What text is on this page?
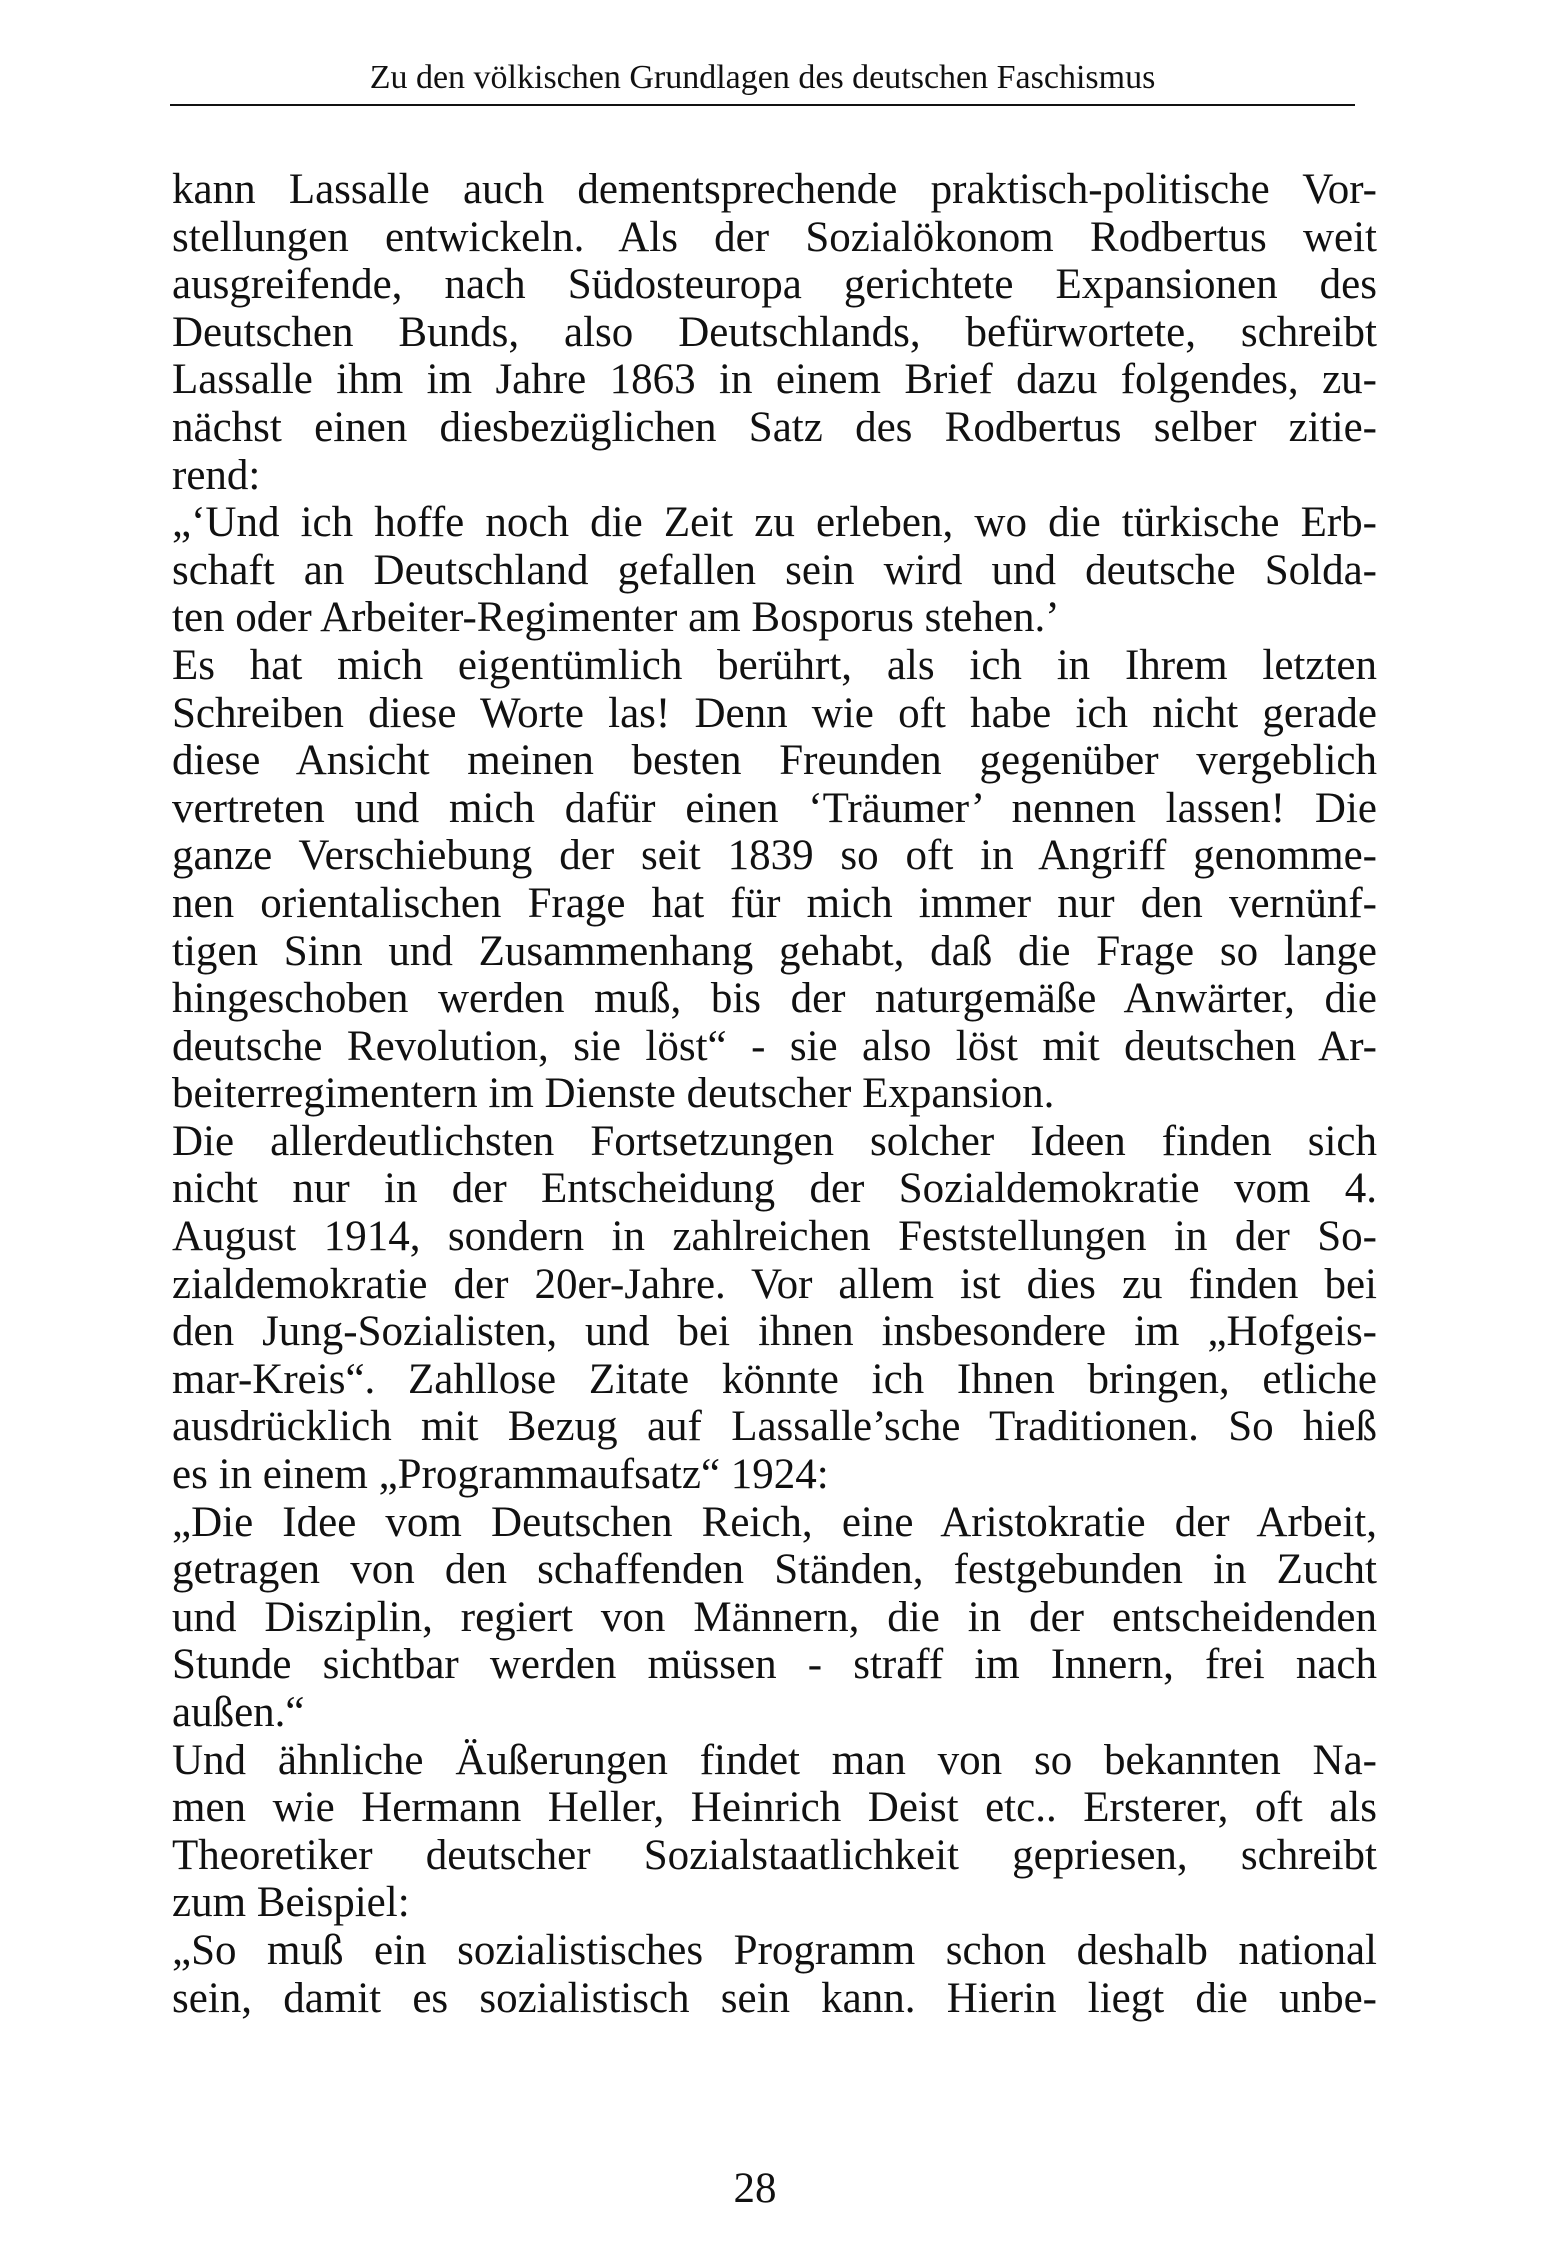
Zu den völkischen Grundlagen des deutschen Faschismus
kann Lassalle auch dementsprechende praktisch-politische Vor-
stellungen entwickeln. Als der Sozialökonom Rodbertus weit
ausgreifende, nach Südosteuropa gerichtete Expansionen des
Deutschen Bunds, also Deutschlands, befürwortete, schreibt
Lassalle ihm im Jahre 1863 in einem Brief dazu folgendes, zu-
nächst einen diesbezüglichen Satz des Rodbertus selber zitie-
rend:
„‘Und ich hoffe noch die Zeit zu erleben, wo die türkische Erb-
schaft an Deutschland gefallen sein wird und deutsche Solda-
ten oder Arbeiter-Regimenter am Bosporus stehen.’
Es hat mich eigentümlich berührt, als ich in Ihrem letzten
Schreiben diese Worte las! Denn wie oft habe ich nicht gerade
diese Ansicht meinen besten Freunden gegenüber vergeblich
vertreten und mich dafür einen ‘Träumer’ nennen lassen! Die
ganze Verschiebung der seit 1839 so oft in Angriff genomme-
nen orientalischen Frage hat für mich immer nur den vernünf-
tigen Sinn und Zusammenhang gehabt, daß die Frage so lange
hingeschoben werden muß, bis der naturgemäße Anwärter, die
deutsche Revolution, sie löst“ - sie also löst mit deutschen Ar-
beiterregimentern im Dienste deutscher Expansion.
Die allerdeutlichsten Fortsetzungen solcher Ideen finden sich
nicht nur in der Entscheidung der Sozialdemokratie vom 4.
August 1914, sondern in zahlreichen Feststellungen in der So-
zialdemokratie der 20er-Jahre. Vor allem ist dies zu finden bei
den Jung-Sozialisten, und bei ihnen insbesondere im „Hofgeis-
mar-Kreis“. Zahllose Zitate könnte ich Ihnen bringen, etliche
ausdrücklich mit Bezug auf Lassalle’sche Traditionen. So hieß
es in einem „Programmaufsatz“ 1924:
„Die Idee vom Deutschen Reich, eine Aristokratie der Arbeit,
getragen von den schaffenden Ständen, festgebunden in Zucht
und Disziplin, regiert von Männern, die in der entscheidenden
Stunde sichtbar werden müssen - straff im Innern, frei nach
außen.“
Und ähnliche Äußerungen findet man von so bekannten Na-
men wie Hermann Heller, Heinrich Deist etc.. Ersterer, oft als
Theoretiker deutscher Sozialstaatlichkeit gepriesen, schreibt
zum Beispiel:
„So muß ein sozialistisches Programm schon deshalb national
sein, damit es sozialistisch sein kann. Hierin liegt die unbe-
28
